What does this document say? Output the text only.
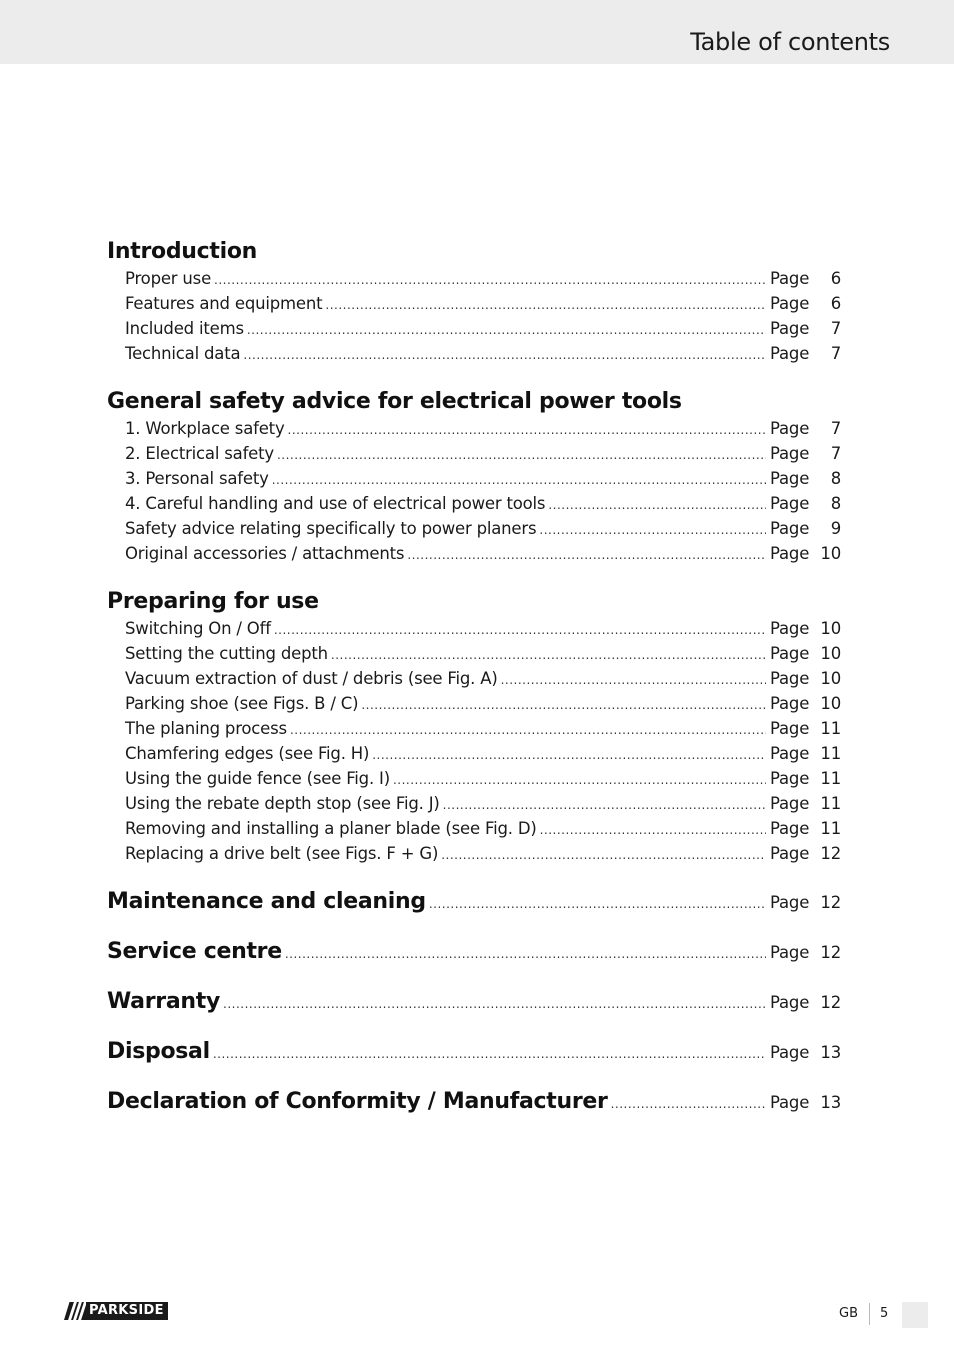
Table of contents
Introduction
Proper use .....	Page	6
Features and equipment .....	Page	6
Included items .....	Page	7
Technical data .....	Page	7
General safety advice for electrical power tools
1. Workplace safety .....	Page	7
2. Electrical safety .....	Page	7
3. Personal safety .....	Page	8
4. Careful handling and use of electrical power tools .....	Page	8
Safety advice relating specifically to power planers .....	Page	9
Original accessories / attachments .....	Page 10
Preparing for use
Switching On / Off .....	Page 10
Setting the cutting depth .....	Page 10
Vacuum extraction of dust / debris (see Fig. A) .....	Page 10
Parking shoe (see Figs. B / C) .....	Page 10
The planing process .....	Page 11
Chamfering edges (see Fig. H) .....	Page 11
Using the guide fence (see Fig. I) .....	Page 11
Using the rebate depth stop (see Fig. J) .....	Page 11
Removing and installing a planer blade (see Fig. D) .....	Page 11
Replacing a drive belt (see Figs. F + G) .....	Page 12
Maintenance and cleaning .....	Page 12
Service centre .....	Page 12
Warranty .....	Page 12
Disposal .....	Page 13
Declaration of Conformity / Manufacturer .....	Page 13
PARKSIDE	GB 5
